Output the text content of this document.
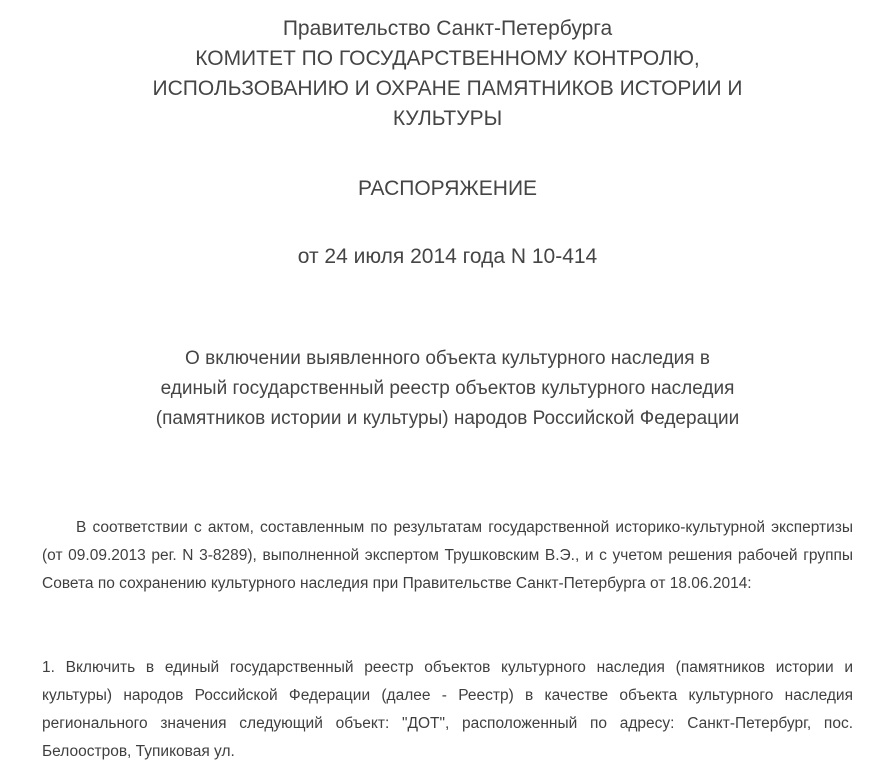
Правительство Санкт-Петербурга
КОМИТЕТ ПО ГОСУДАРСТВЕННОМУ КОНТРОЛЮ,
ИСПОЛЬЗОВАНИЮ И ОХРАНЕ ПАМЯТНИКОВ ИСТОРИИ И
КУЛЬТУРЫ
РАСПОРЯЖЕНИЕ
от 24 июля 2014 года N 10-414
О включении выявленного объекта культурного наследия в
единый государственный реестр объектов культурного наследия
(памятников истории и культуры) народов Российской Федерации
В соответствии с актом, составленным по результатам государственной историко-культурной экспертизы (от 09.09.2013 рег. N 3-8289), выполненной экспертом Трушковским В.Э., и с учетом решения рабочей группы Совета по сохранению культурного наследия при Правительстве Санкт-Петербурга от 18.06.2014:
1. Включить в единый государственный реестр объектов культурного наследия (памятников истории и культуры) народов Российской Федерации (далее - Реестр) в качестве объекта культурного наследия регионального значения следующий объект: "ДОТ", расположенный по адресу: Санкт-Петербург, пос. Белоостров, Тупиковая ул.
